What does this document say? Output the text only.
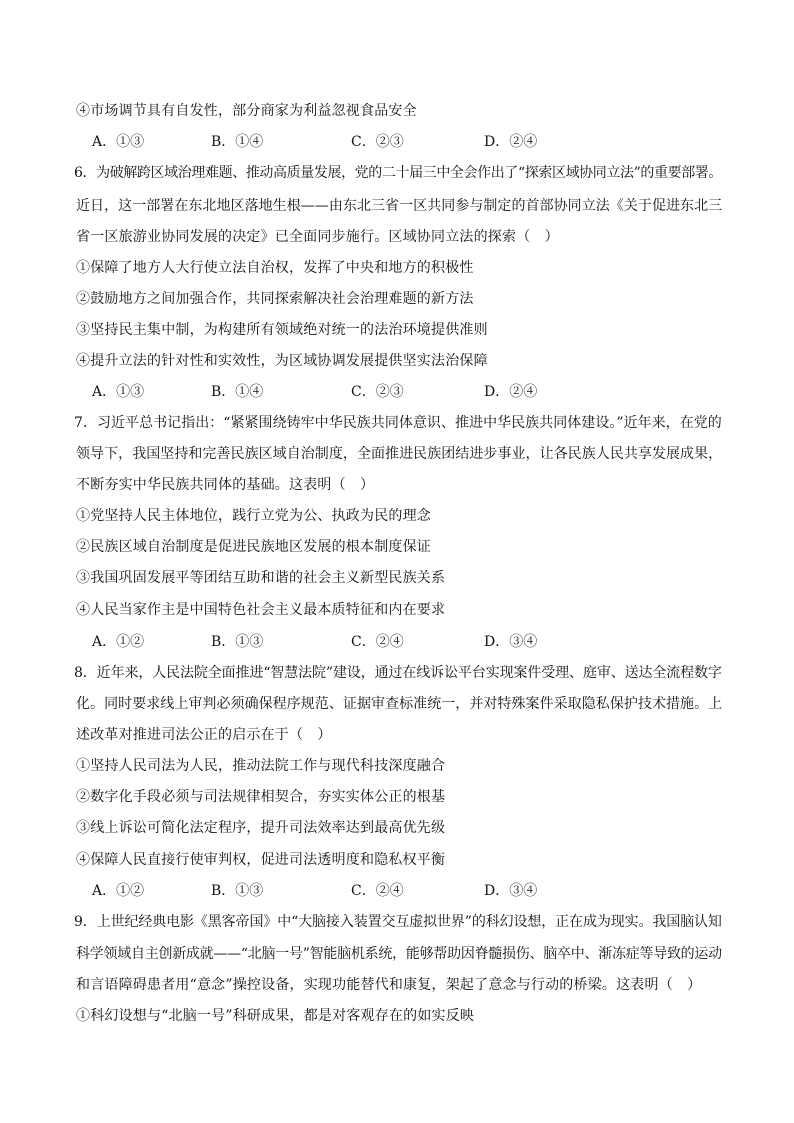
④市场调节具有自发性，部分商家为利益忽视食品安全
A．①③	B．①④	C．②③	D．②④
6．为破解跨区域治理难题、推动高质量发展，党的二十届三中全会作出了“探索区域协同立法”的重要部署。
近日，这一部署在东北地区落地生根——由东北三省一区共同参与制定的首部协同立法《关于促进东北三
省一区旅游业协同发展的决定》已全面同步施行。区域协同立法的探索（　）
①保障了地方人大行使立法自治权，发挥了中央和地方的积极性
②鼓励地方之间加强合作，共同探索解决社会治理难题的新方法
③坚持民主集中制，为构建所有领域绝对统一的法治环境提供准则
④提升立法的针对性和实效性，为区域协调发展提供坚实法治保障
A．①③	B．①④	C．②③	D．②④
7．习近平总书记指出：“紧紧围绕铸牢中华民族共同体意识、推进中华民族共同体建设。”近年来，在党的
领导下，我国坚持和完善民族区域自治制度，全面推进民族团结进步事业，让各民族人民共享发展成果，
不断夯实中华民族共同体的基础。这表明（　）
①党坚持人民主体地位，践行立党为公、执政为民的理念
②民族区域自治制度是促进民族地区发展的根本制度保证
③我国巩固发展平等团结互助和谐的社会主义新型民族关系
④人民当家作主是中国特色社会主义最本质特征和内在要求
A．①②	B．①③	C．②④	D．③④
8．近年来，人民法院全面推进“智慧法院”建设，通过在线诉讼平台实现案件受理、庭审、送达全流程数字
化。同时要求线上审判必须确保程序规范、证据审查标准统一，并对特殊案件采取隐私保护技术措施。上
述改革对推进司法公正的启示在于（　）
①坚持人民司法为人民，推动法院工作与现代科技深度融合
②数字化手段必须与司法规律相契合，夯实实体公正的根基
③线上诉讼可简化法定程序，提升司法效率达到最高优先级
④保障人民直接行使审判权，促进司法透明度和隐私权平衡
A．①②	B．①③	C．②④	D．③④
9．上世纪经典电影《黑客帝国》中“大脑接入装置交互虚拟世界”的科幻设想，正在成为现实。我国脑认知
科学领域自主创新成就——“北脑一号”智能脑机系统，能够帮助因脊髓损伤、脑卒中、渐冻症等导致的运动
和言语障碍患者用“意念”操控设备，实现功能替代和康复，架起了意念与行动的桥梁。这表明（　）
①科幻设想与“北脑一号”科研成果，都是对客观存在的如实反映
